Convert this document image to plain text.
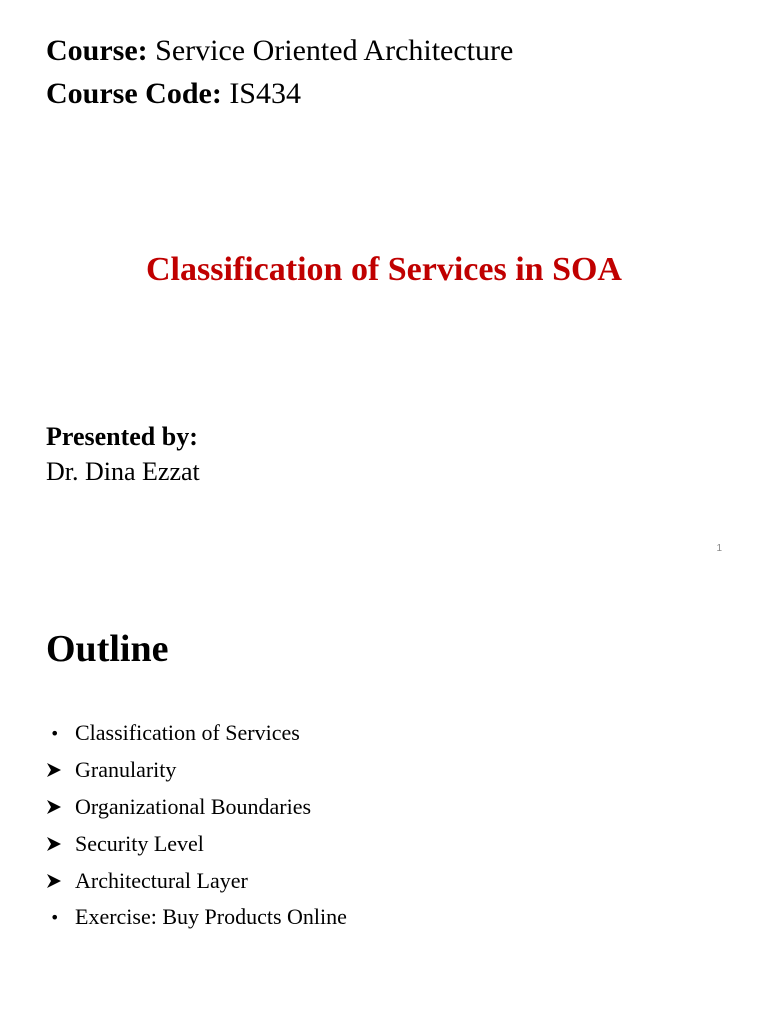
Course: Service Oriented Architecture
Course Code: IS434
Classification of Services in SOA
Presented by:
Dr. Dina Ezzat
1
Outline
• Classification of Services
Granularity
Organizational Boundaries
Security Level
Architectural Layer
• Exercise: Buy Products Online
